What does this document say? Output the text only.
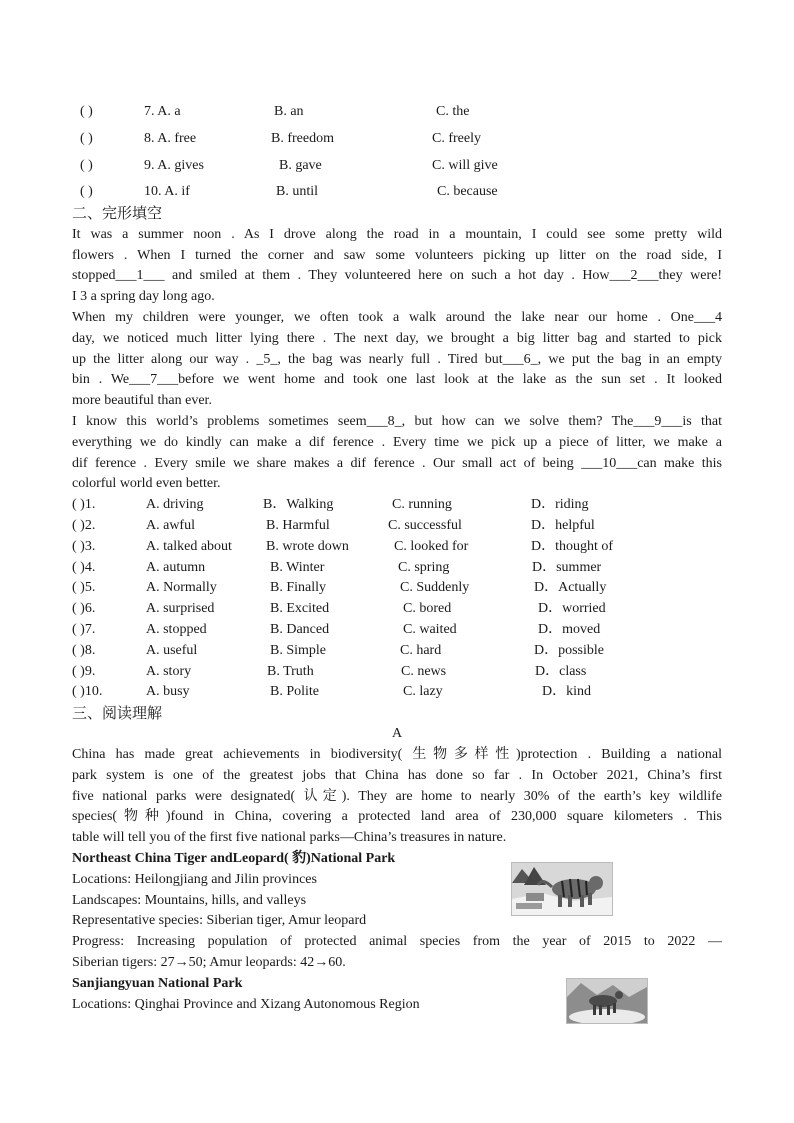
( )	7. A. a	B. an	C. the
( )	8. A. free	B. freedom	C. freely
( )	9. A. gives	B. gave	C. will give
( )	10. A. if	B. until	C. because
二、完形填空
It was a summer noon . As I drove along the road in a mountain, I could see some pretty wild
flowers . When I turned the corner and saw some volunteers picking up litter on the road side, I
stopped___1___ and smiled at them . They volunteered here on such a hot day . How___2___they were!
I 3 a spring day long ago.
When my children were younger, we often took a walk around the lake near our home . One___4
day, we noticed much litter lying there . The next day, we brought a big litter bag and started to pick
up the litter along our way . _5_, the bag was nearly full . Tired but___6_, we put the bag in an empty
bin . We___7___before we went home and took one last look at the lake as the sun set . It looked
more beautiful than ever.
I know this world’s problems sometimes seem___8_, but how can we solve them? The___9___is that
everything we do kindly can make a dif ference . Every time we pick up a piece of litter, we make a
dif ference . Every smile we share makes a dif ference . Our small act of being ___10___can make this
colorful world even better.
( )1.	A. driving	B．Walking	C. running	D．riding
( )2.	A. awful	B. Harmful	C. successful	D．helpful
( )3.	A. talked about B. wrote down	C. looked for	D．thought of
( )4.	A. autumn	B. Winter	C. spring	D．summer
( )5.	A. Normally	B. Finally	C. Suddenly	D．Actually
( )6.	A. surprised	B. Excited	C. bored	D．worried
( )7.	A. stopped	B. Danced	C. waited	D．moved
( )8.	A. useful	B. Simple	C. hard	D．possible
( )9.	A. story	B. Truth	C. news	D．class
( )10.	A. busy	B. Polite	C. lazy	D．kind
三、阅读理解
A
China has made great achievements in biodiversity( 生物多样性)protection . Building a national
park system is one of the greatest jobs that China has done so far . In October 2021, China’s first
five national parks were designated( 认定). They are home to nearly 30% of the earth’s key wildlife
species(物种)found in China, covering a protected land area of 230,000 square kilometers . This
table will tell you of the first five national parks—China’s treasures in nature.
Northeast China Tiger andLeopard( 豹)National Park
Locations: Heilongjiang and Jilin provinces
Landscapes: Mountains, hills, and valleys
Representative species: Siberian tiger, Amur leopard
Progress: Increasing population of protected animal species from the year of 2015 to 2022 —
Siberian tigers: 27→50; Amur leopards: 42→60.
Sanjiangyuan National Park
Locations: Qinghai Province and Xizang Autonomous Region
